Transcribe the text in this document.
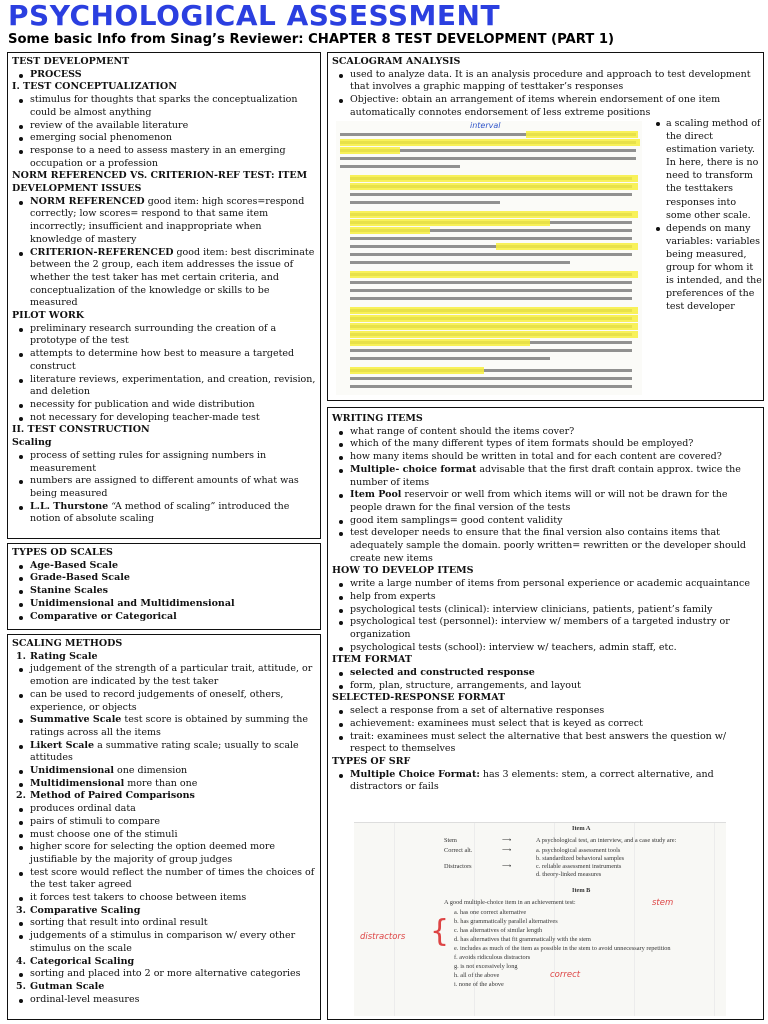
PSYCHOLOGICAL ASSESSMENT
Some basic Info from Sinag’s Reviewer: CHAPTER 8 TEST DEVELOPMENT (PART 1)
TEST DEVELOPMENT
PROCESS
I. TEST CONCEPTUALIZATION
stimulus for thoughts that sparks the conceptualization could be almost anything
review of the available literature
emerging social phenomenon
response to a need to assess mastery in an emerging occupation or a profession
NORM REFERENCED VS. CRITERION-REF TEST: ITEM DEVELOPMENT ISSUES
NORM REFERENCED good item: high scores=respond correctly; low scores= respond to that same item incorrectly; insufficient and inappropriate when knowledge of mastery
CRITERION-REFERENCED good item: best discriminate between the 2 group, each item addresses the issue of whether the test taker has met certain criteria, and conceptualization of the knowledge or skills to be measured
PILOT WORK
preliminary research surrounding the creation of a prototype of the test
attempts to determine how best to measure a targeted construct
literature reviews, experimentation, and creation, revision, and deletion
necessity for publication and wide distribution
not necessary for developing teacher-made test
II. TEST CONSTRUCTION
Scaling
process of setting rules for assigning numbers in measurement
numbers are assigned to different amounts of what was being measured
L.L. Thurstone “A method of scaling” introduced the notion of absolute scaling
TYPES OD SCALES
Age-Based Scale
Grade-Based Scale
Stanine Scales
Unidimensional and Multidimensional
Comparative or Categorical
SCALING METHODS
1. Rating Scale
judgement of the strength of a particular trait, attitude, or emotion are indicated by the test taker
can be used to record judgements of oneself, others, experience, or objects
Summative Scale test score is obtained by summing the ratings across all the items
Likert Scale a summative rating scale; usually to scale attitudes
Unidimensional one dimension
Multidimensional more than one
2. Method of Paired Comparisons
produces ordinal data
pairs of stimuli to compare
must choose one of the stimuli
higher score for selecting the option deemed more justifiable by the majority of group judges
test score would reflect the number of times the choices of the test taker agreed
it forces test takers to choose between items
3. Comparative Scaling
sorting that result into ordinal result
judgements of a stimulus in comparison w/ every other stimulus on the scale
4. Categorical Scaling
sorting and placed into 2 or more alternative categories
5. Gutman Scale
ordinal-level measures
SCALOGRAM ANALYSIS
used to analyze data. It is an analysis procedure and approach to test development that involves a graphic mapping of testtaker’s responses
Objective: obtain an arrangement of items wherein endorsement of one item automatically connotes endorsement of less extreme positions
interval	a scaling method of the direct estimation variety. In here, there is no need to transform the testtakers responses into some other scale.
depends on many variables: variables being measured, group for whom it is intended, and the preferences of the test developer
WRITING ITEMS
what range of content should the items cover?
which of the many different types of item formats should be employed?
how many items should be written in total and for each content are covered?
Multiple- choice format advisable that the first draft contain approx. twice the number of items
Item Pool reservoir or well from which items will or will not be drawn for the people drawn for the final version of the tests
good item samplings= good content validity
test developer needs to ensure that the final version also contains items that adequately sample the domain. poorly written= rewritten or the developer should create new items
HOW TO DEVELOP ITEMS
write a large number of items from personal experience or academic acquaintance
help from experts
psychological tests (clinical): interview clinicians, patients, patient’s family
psychological test (personnel): interview w/ members of a targeted industry or organization
psychological tests (school): interview w/ teachers, admin staff, etc.
ITEM FORMAT
selected and constructed response
form, plan, structure, arrangements, and layout
SELECTED-RESPONSE FORMAT
select a response from a set of alternative responses
achievement: examinees must select that is keyed as correct
trait: examinees must select the alternative that best answers the question w/ respect to themselves
TYPES OF SRF
Multiple Choice Format: has 3 elements: stem, a correct alternative, and distractors or fails
Item A
Stem	⟶	A psychological test, an interview, and a case study are:
Correct alt.	⟶	a. psychological assessment tools
b. standardized behavioral samples
Distractors	⟶	c. reliable assessment instruments
d. theory-linked measures
Item B
A good multiple-choice item in an achievement test:	stem
a. has one correct alternative
b. has grammatically parallel alternatives
c. has alternatives of similar length
d. has alternatives that fit grammatically with the stem
e. includes as much of the item as possible in the stem to avoid unnecessary repetition
f. avoids ridiculous distractors
g. is not excessively long
h. all of the above
i. none of the above
distractors {
correct
